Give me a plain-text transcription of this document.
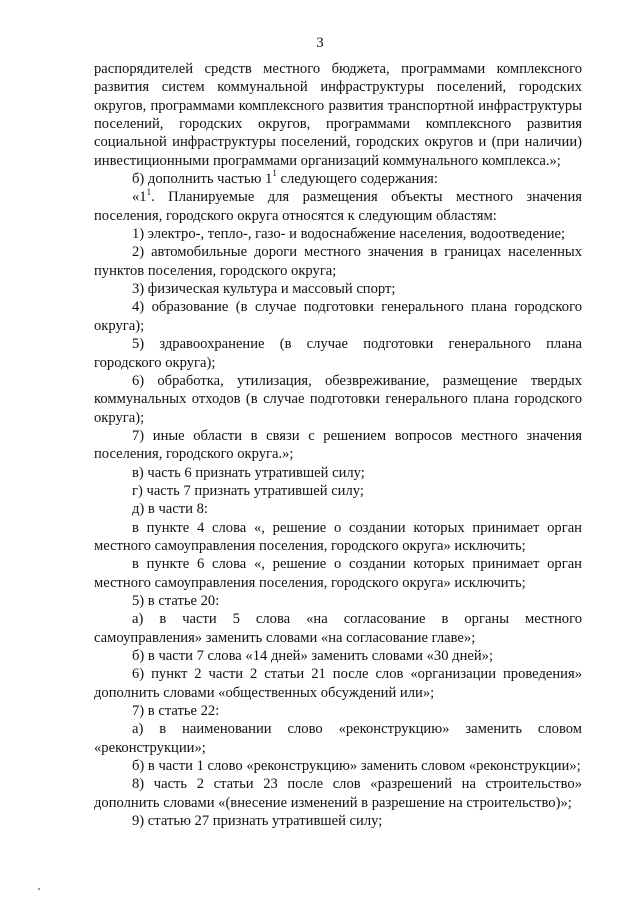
3

распорядителей средств местного бюджета, программами комплексного развития систем коммунальной инфраструктуры поселений, городских округов, программами комплексного развития транспортной инфраструктуры поселений, городских округов, программами комплексного развития социальной инфраструктуры поселений, городских округов и (при наличии) инвестиционными программами организаций коммунального комплекса.»;

б) дополнить частью $1^1$ следующего содержания:

«$1^1$. Планируемые для размещения объекты местного значения поселения, городского округа относятся к следующим областям:

1) электро-, тепло-, газо- и водоснабжение населения, водоотведение;

2) автомобильные дороги местного значения в границах населенных пунктов поселения, городского округа;

3) физическая культура и массовый спорт;

4) образование (в случае подготовки генерального плана городского округа);

5) здравоохранение (в случае подготовки генерального плана городского округа);

6) обработка, утилизация, обезвреживание, размещение твердых коммунальных отходов (в случае подготовки генерального плана городского округа);

7) иные области в связи с решением вопросов местного значения поселения, городского округа.»;

в) часть 6 признать утратившей силу;

г) часть 7 признать утратившей силу;

д) в части 8:

в пункте 4 слова «, решение о создании которых принимает орган местного самоуправления поселения, городского округа» исключить;

в пункте 6 слова «, решение о создании которых принимает орган местного самоуправления поселения, городского округа» исключить;

5) в статье 20:

а) в части 5 слова «на согласование в органы местного самоуправления» заменить словами «на согласование главе»;

б) в части 7 слова «14 дней» заменить словами «30 дней»;

6) пункт 2 части 2 статьи 21 после слов «организации проведения» дополнить словами «общественных обсуждений или»;

7) в статье 22:

а) в наименовании слово «реконструкцию» заменить словом «реконструкции»;

б) в части 1 слово «реконструкцию» заменить словом «реконструкции»;

8) часть 2 статьи 23 после слов «разрешений на строительство» дополнить словами «(внесение изменений в разрешение на строительство)»;

9) статью 27 признать утратившей силу;
